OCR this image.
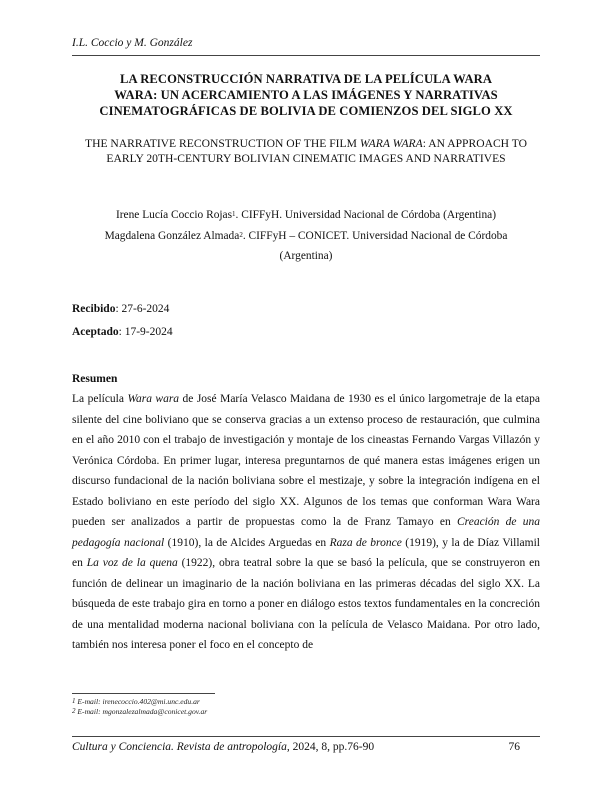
I.L. Coccio y M. González
LA RECONSTRUCCIÓN NARRATIVA DE LA PELÍCULA WARA
WARA: UN ACERCAMIENTO A LAS IMÁGENES Y NARRATIVAS
CINEMATOGRÁFICAS DE BOLIVIA DE COMIENZOS DEL SIGLO XX
THE NARRATIVE RECONSTRUCTION OF THE FILM WARA WARA: AN APPROACH TO
EARLY 20TH-CENTURY BOLIVIAN CINEMATIC IMAGES AND NARRATIVES
Irene Lucía Coccio Rojas$^1$. CIFFyH. Universidad Nacional de Córdoba (Argentina)
Magdalena González Almada$^2$. CIFFyH – CONICET. Universidad Nacional de Córdoba
(Argentina)
Recibido: 27-6-2024
Aceptado: 17-9-2024
Resumen

La película Wara wara de José María Velasco Maidana de 1930 es el único largometraje de la etapa silente del cine boliviano que se conserva gracias a un extenso proceso de restauración, que culmina en el año 2010 con el trabajo de investigación y montaje de los cineastas Fernando Vargas Villazón y Verónica Córdoba. En primer lugar, interesa preguntarnos de qué manera estas imágenes erigen un discurso fundacional de la nación boliviana sobre el mestizaje, y sobre la integración indígena en el Estado boliviano en este período del siglo XX. Algunos de los temas que conforman Wara Wara pueden ser analizados a partir de propuestas como la de Franz Tamayo en Creación de una pedagogía nacional (1910), la de Alcides Arguedas en Raza de bronce (1919), y la de Díaz Villamil en La voz de la quena (1922), obra teatral sobre la que se basó la película, que se construyeron en función de delinear un imaginario de la nación boliviana en las primeras décadas del siglo XX. La búsqueda de este trabajo gira en torno a poner en diálogo estos textos fundamentales en la concreción de una mentalidad moderna nacional boliviana con la película de Velasco Maidana. Por otro lado, también nos interesa poner el foco en el concepto de

$^1$ E-mail: irenecoccio.402@mi.unc.edu.ar
$^2$ E-mail: mgonzalezalmada@conicet.gov.ar
Cultura y Conciencia. Revista de antropología, 2024, 8, pp.76-90	76
